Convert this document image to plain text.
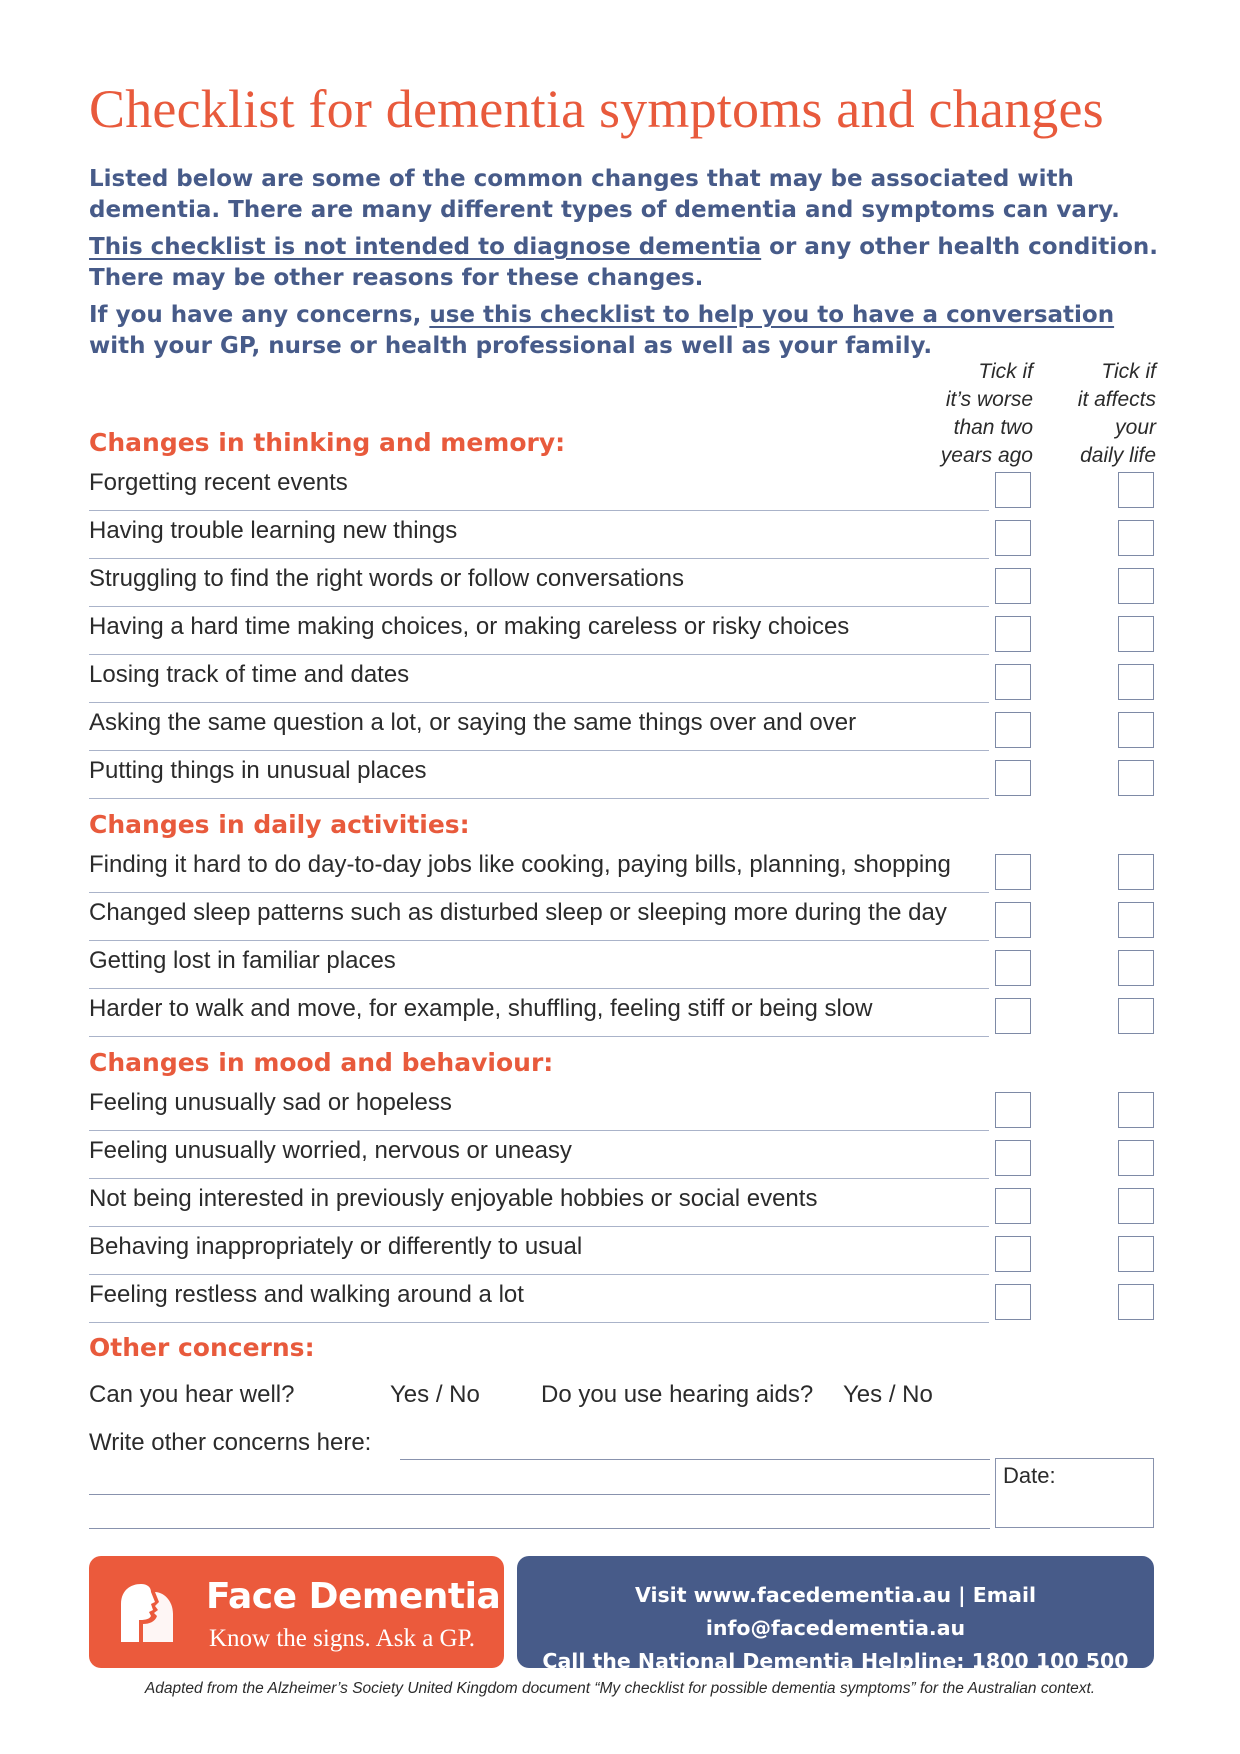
Checklist for dementia symptoms and changes

Listed below are some of the common changes that may be associated with dementia. There are many different types of dementia and symptoms can vary.

This checklist is not intended to diagnose dementia or any other health condition. There may be other reasons for these changes.

If you have any concerns, use this checklist to help you to have a conversation with your GP, nurse or health professional as well as your family.

Tick if
it’s worse
than two
years ago
Tick if
it affects
your
daily life
Changes in thinking and memory:
Forgetting recent events
Having trouble learning new things
Struggling to find the right words or follow conversations
Having a hard time making choices, or making careless or risky choices
Losing track of time and dates
Asking the same question a lot, or saying the same things over and over
Putting things in unusual places
Changes in daily activities:
Finding it hard to do day-to-day jobs like cooking, paying bills, planning, shopping
Changed sleep patterns such as disturbed sleep or sleeping more during the day
Getting lost in familiar places
Harder to walk and move, for example, shuffling, feeling stiff or being slow
Changes in mood and behaviour:
Feeling unusually sad or hopeless
Feeling unusually worried, nervous or uneasy
Not being interested in previously enjoyable hobbies or social events
Behaving inappropriately or differently to usual
Feeling restless and walking around a lot
Other concerns:
Can you hear well?	Yes / No	Do you use hearing aids? Yes / No
Write other concerns here:
Date:
Face Dementia
Know the signs. Ask a GP.
Visit www.facedementia.au | Email info@facedementia.au
Call the National Dementia Helpline: 1800 100 500
Adapted from the Alzheimer’s Society United Kingdom document “My checklist for possible dementia symptoms” for the Australian context.
